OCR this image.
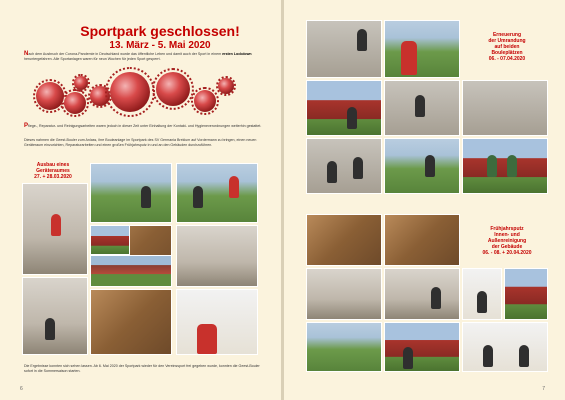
Sportpark geschlossen!
13. März - 5. Mai 2020
Nach dem Ausbruch der Corona-Pandemie in Deutschland wurde das öffentliche Leben und damit auch der Sport in einem ersten Lockdown heruntergefahren. Alle Sportanlagen waren für neun Wochen für jeden Sport gesperrt.
Pflege-, Reparatur- und Reinigungsarbeiten waren jedoch in dieser Zeit unter Einhaltung der Kontakt- und Hygieneverordnungen weiterhin gestattet.
Dieses nahmen die Geest-Bouler zum Anlass, ihre Bouleanlage im Sportpark des SV Germania Breklum auf Vordermann zu bringen, einen neuen Geräteraum einzurichten, Reparaturarbeiten und einen großen Frühjahrsputz in und an den Gebäuden durchzuführen.
Ausbau eines
Geräteraumes
27. + 28.03.2020
Die Ergebnisse konnten sich sehen lassen. Ab 6. Mai 2020 der Sportpark wieder für den Vereinssport frei gegeben wurde, konnten die Geest-Bouler sofort in die Sommersaison starten.
6
Erneuerung
der Umrandung
auf beiden
Bouleplätzen
06. - 07.04.2020
Frühjahrsputz
Innen- und
Außenreinigung
der Gebäude
06. - 08. + 20.04.2020
7
